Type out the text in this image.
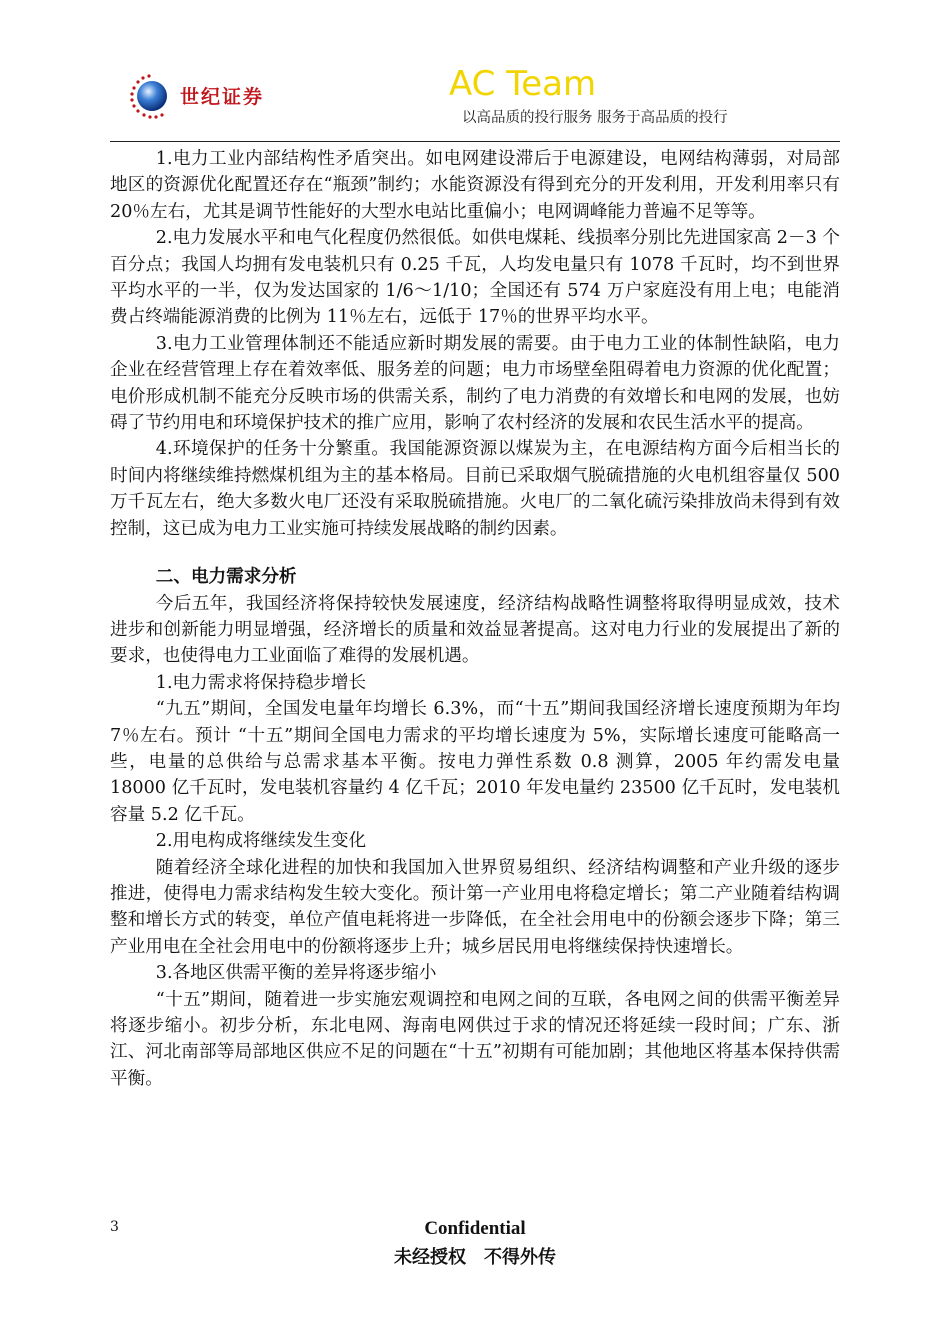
世纪证券	AC Team
以高品质的投行服务 服务于高品质的投行

1.电力工业内部结构性矛盾突出。如电网建设滞后于电源建设，电网结构薄弱，对局部地区的资源优化配置还存在“瓶颈”制约；水能资源没有得到充分的开发利用，开发利用率只有 20％左右，尤其是调节性能好的大型水电站比重偏小；电网调峰能力普遍不足等等。

2.电力发展水平和电气化程度仍然很低。如供电煤耗、线损率分别比先进国家高 2－3 个百分点；我国人均拥有发电装机只有 0.25 千瓦，人均发电量只有 1078 千瓦时，均不到世界平均水平的一半，仅为发达国家的 1/6～1/10；全国还有 574 万户家庭没有用上电；电能消费占终端能源消费的比例为 11％左右，远低于 17％的世界平均水平。

3.电力工业管理体制还不能适应新时期发展的需要。由于电力工业的体制性缺陷，电力企业在经营管理上存在着效率低、服务差的问题；电力市场壁垒阻碍着电力资源的优化配置；电价形成机制不能充分反映市场的供需关系，制约了电力消费的有效增长和电网的发展，也妨碍了节约用电和环境保护技术的推广应用，影响了农村经济的发展和农民生活水平的提高。

4.环境保护的任务十分繁重。我国能源资源以煤炭为主，在电源结构方面今后相当长的时间内将继续维持燃煤机组为主的基本格局。目前已采取烟气脱硫措施的火电机组容量仅 500 万千瓦左右，绝大多数火电厂还没有采取脱硫措施。火电厂的二氧化硫污染排放尚未得到有效控制，这已成为电力工业实施可持续发展战略的制约因素。

二、电力需求分析

今后五年，我国经济将保持较快发展速度，经济结构战略性调整将取得明显成效，技术进步和创新能力明显增强，经济增长的质量和效益显著提高。这对电力行业的发展提出了新的要求，也使得电力工业面临了难得的发展机遇。

1.电力需求将保持稳步增长

“九五”期间，全国发电量年均增长 6.3%，而“十五”期间我国经济增长速度预期为年均 7％左右。预计 “十五”期间全国电力需求的平均增长速度为 5%，实际增长速度可能略高一些，电量的总供给与总需求基本平衡。按电力弹性系数 0.8 测算，2005 年约需发电量 18000 亿千瓦时，发电装机容量约 4 亿千瓦；2010 年发电量约 23500 亿千瓦时，发电装机容量 5.2 亿千瓦。

2.用电构成将继续发生变化

随着经济全球化进程的加快和我国加入世界贸易组织、经济结构调整和产业升级的逐步推进，使得电力需求结构发生较大变化。预计第一产业用电将稳定增长；第二产业随着结构调整和增长方式的转变，单位产值电耗将进一步降低，在全社会用电中的份额会逐步下降；第三产业用电在全社会用电中的份额将逐步上升；城乡居民用电将继续保持快速增长。

3.各地区供需平衡的差异将逐步缩小

“十五”期间，随着进一步实施宏观调控和电网之间的互联，各电网之间的供需平衡差异将逐步缩小。初步分析，东北电网、海南电网供过于求的情况还将延续一段时间；广东、浙江、河北南部等局部地区供应不足的问题在“十五”初期有可能加剧；其他地区将基本保持供需平衡。

3	Confidential
未经授权　不得外传
